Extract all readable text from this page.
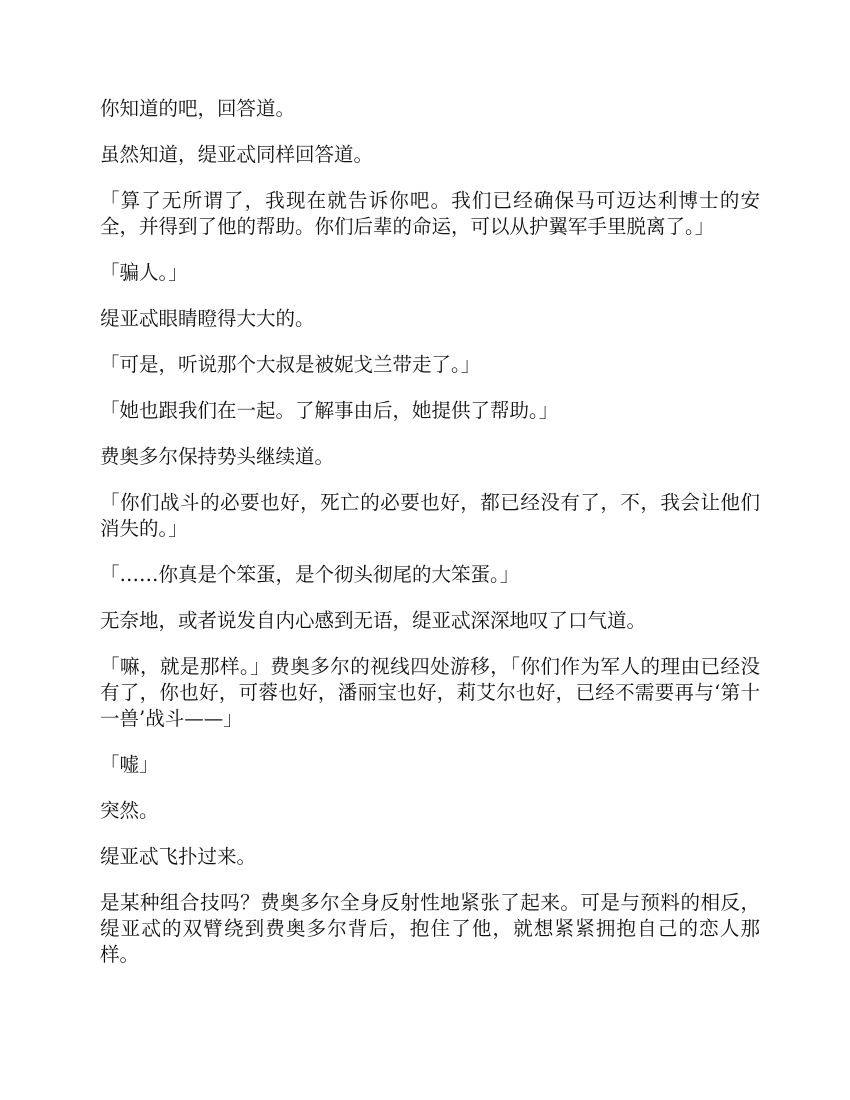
你知道的吧，回答道。

虽然知道，缇亚忒同样回答道。

「算了无所谓了，我现在就告诉你吧。我们已经确保马可迈达利博士的安全，并得到了他的帮助。你们后辈的命运，可以从护翼军手里脱离了。」

「骗人。」

缇亚忒眼睛瞪得大大的。

「可是，听说那个大叔是被妮戈兰带走了。」

「她也跟我们在一起。了解事由后，她提供了帮助。」

费奥多尔保持势头继续道。

「你们战斗的必要也好，死亡的必要也好，都已经没有了，不，我会让他们消失的。」

「……你真是个笨蛋，是个彻头彻尾的大笨蛋。」

无奈地，或者说发自内心感到无语，缇亚忒深深地叹了口气道。

「嘛，就是那样。」费奥多尔的视线四处游移，「你们作为军人的理由已经没有了，你也好，可蓉也好，潘丽宝也好，莉艾尔也好，已经不需要再与‘第十一兽’战斗——」

「嘘」

突然。

缇亚忒飞扑过来。

是某种组合技吗？费奥多尔全身反射性地紧张了起来。可是与预料的相反，缇亚忒的双臂绕到费奥多尔背后，抱住了他，就想紧紧拥抱自己的恋人那样。
